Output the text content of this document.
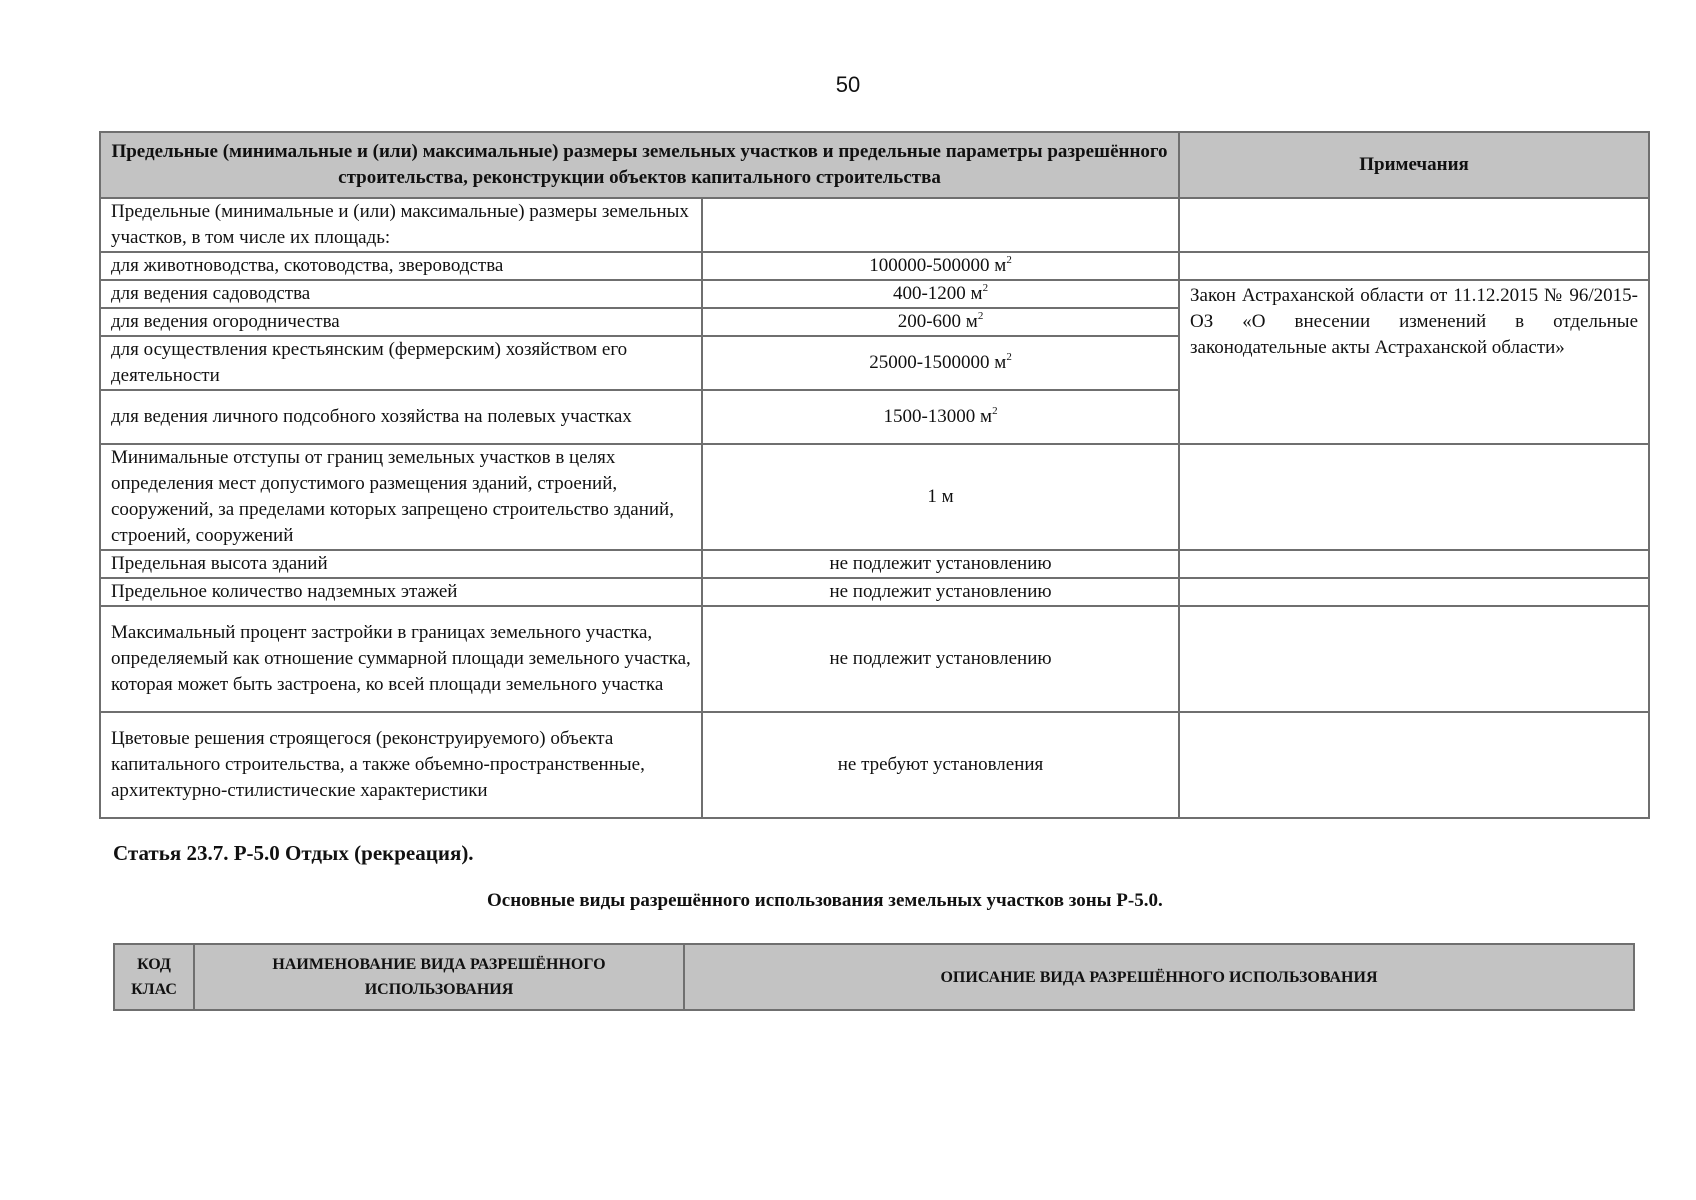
50
Предельные (минимальные и (или) максимальные) размеры земельных участков и предельные параметры разрешённого строительства, реконструкции объектов капитального строительства		Примечания
Предельные (минимальные и (или) максимальные) размеры земельных участков, в том числе их площадь:		
для животноводства, скотоводства, звероводства	100000-500000 $м^2$	
для ведения садоводства	400-1200 $м^2$	Закон Астраханской области от 11.12.2015 № 96/2015-ОЗ «О внесении изменений в отдельные законодательные акты Астраханской области»
для ведения огородничества	200-600 $м^2$
для осуществления крестьянским (фермерским) хозяйством его деятельности	25000-1500000 $м^2$
для ведения личного подсобного хозяйства на полевых участках	1500-13000 $м^2$
Минимальные отступы от границ земельных участков в целях определения мест допустимого размещения зданий, строений, сооружений, за пределами которых запрещено строительство зданий, строений, сооружений	1 м	
Предельная высота зданий	не подлежит установлению	
Предельное количество надземных этажей	не подлежит установлению	
Максимальный процент застройки в границах земельного участка, определяемый как отношение суммарной площади земельного участка, которая может быть застроена, ко всей площади земельного участка	не подлежит установлению	
Цветовые решения строящегося (реконструируемого) объекта капитального строительства, а также объемно-пространственные, архитектурно-стилистические характеристики	не требуют установления	
Статья 23.7. Р-5.0 Отдых (рекреация).
Основные виды разрешённого использования земельных участков зоны Р-5.0.
КОД КЛАС	НАИМЕНОВАНИЕ ВИДА РАЗРЕШЁННОГО ИСПОЛЬЗОВАНИЯ	ОПИСАНИЕ ВИДА РАЗРЕШЁННОГО ИСПОЛЬЗОВАНИЯ
